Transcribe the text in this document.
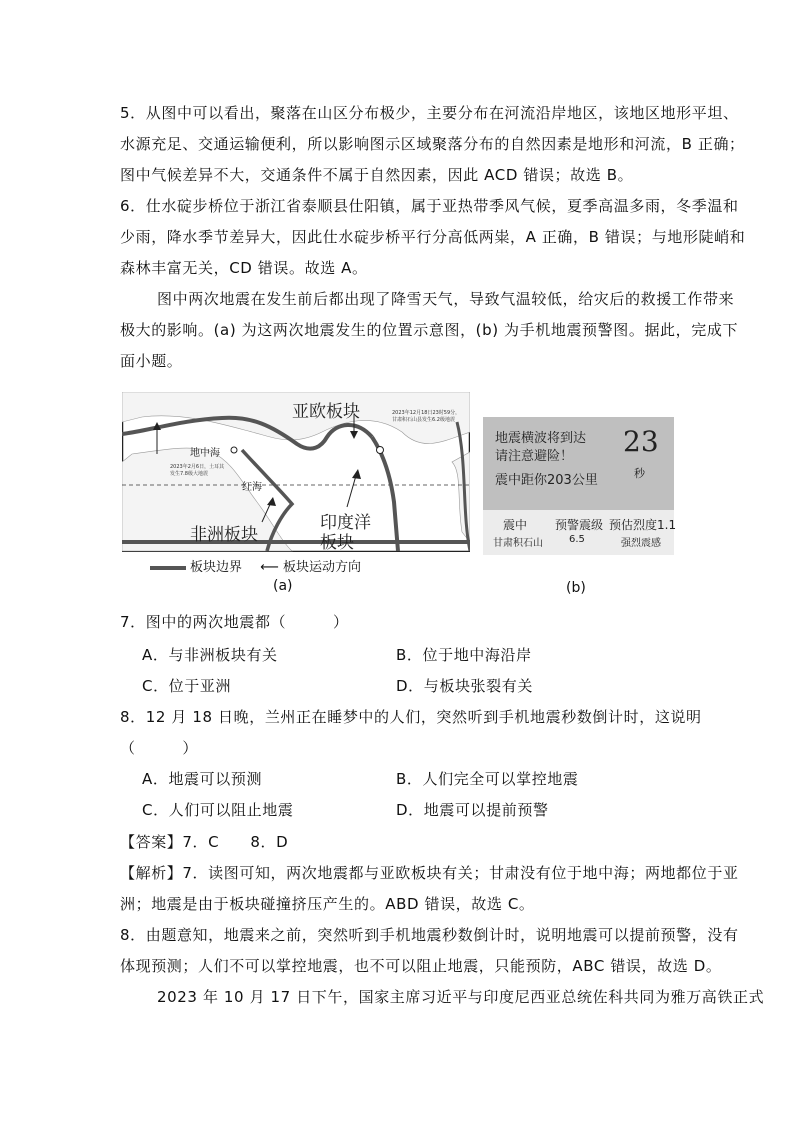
5．从图中可以看出，聚落在山区分布极少，主要分布在河流沿岸地区，该地区地形平坦、
水源充足、交通运输便利，所以影响图示区域聚落分布的自然因素是地形和河流，B 正确；
图中气候差异不大，交通条件不属于自然因素，因此 ACD 错误；故选 B。
6．仕水碇步桥位于浙江省泰顺县仕阳镇，属于亚热带季风气候，夏季高温多雨，冬季温和
少雨，降水季节差异大，因此仕水碇步桥平行分高低两粜，A 正确，B 错误；与地形陡峭和
森林丰富无关，CD 错误。故选 A。
图中两次地震在发生前后都出现了降雪天气，导致气温较低，给灾后的救援工作带来
极大的影响。(a) 为这两次地震发生的位置示意图，(b) 为手机地震预警图。据此，完成下
面小题。
亚欧板块	2023年12月18日23时59分，
甘肃积石山县发生6.2级地震
地中海
2023年2月6日，土耳其
发生7.8级大地震
红海
非洲板块
印度洋
板块
板块边界 ⟵ 板块运动方向
(a)
地震横波将到达
请注意避险！
震中距你203公里
23
秒
震中 预警震级 预估烈度1.1
甘肃积石山	6.5	强烈震感
(b)
7．图中的两次地震都（　　　）
A．与非洲板块有关	B．位于地中海沿岸
C．位于亚洲	D．与板块张裂有关
8．12 月 18 日晚，兰州正在睡梦中的人们，突然听到手机地震秒数倒计时，这说明
（　　　）
A．地震可以预测	B．人们完全可以掌控地震
C．人们可以阻止地震	D．地震可以提前预警
【答案】7．C　　8．D
【解析】7．读图可知，两次地震都与亚欧板块有关；甘肃没有位于地中海；两地都位于亚
洲；地震是由于板块碰撞挤压产生的。ABD 错误，故选 C。
8．由题意知，地震来之前，突然听到手机地震秒数倒计时，说明地震可以提前预警，没有
体现预测；人们不可以掌控地震，也不可以阻止地震，只能预防，ABC 错误，故选 D。
2023 年 10 月 17 日下午，国家主席习近平与印度尼西亚总统佐科共同为雅万高铁正式
